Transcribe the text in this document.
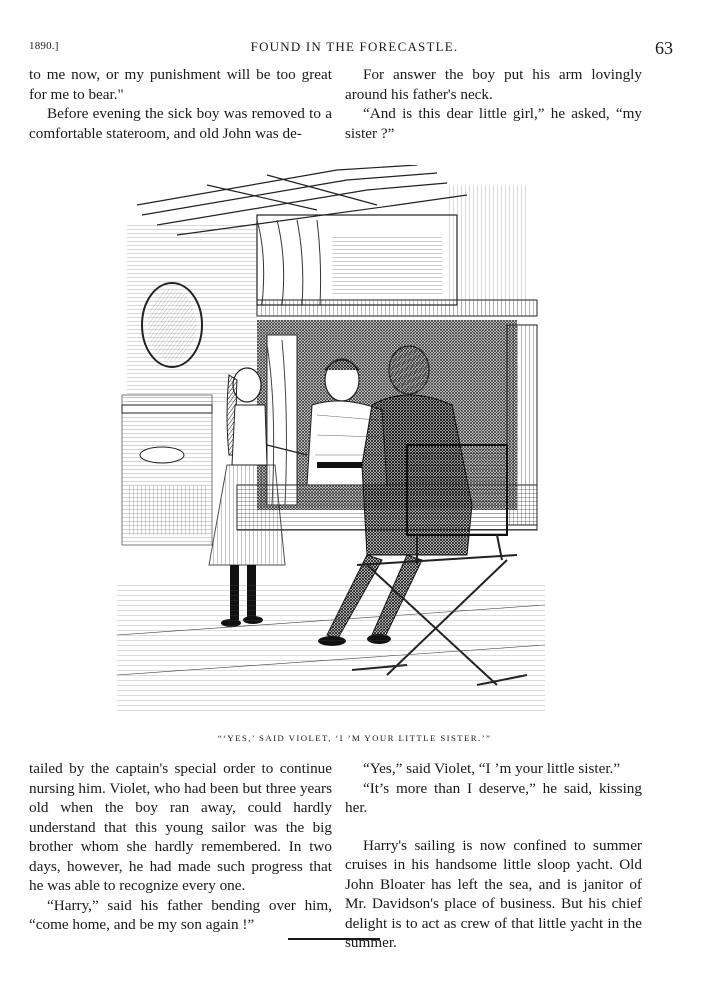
1890.]	FOUND IN THE FORECASTLE.	63

to me now, or my punishment will be too great for me to bear."

Before evening the sick boy was removed to a comfortable stateroom, and old John was de-

For answer the boy put his arm lovingly around his father's neck.

“And is this dear little girl,” he asked, “my sister ?”

“‘YES,’ SAID VIOLET, ‘I ’M YOUR LITTLE SISTER.’”

tailed by the captain's special order to continue nursing him. Violet, who had been but three years old when the boy ran away, could hardly understand that this young sailor was the big brother whom she hardly remembered. In two days, however, he had made such progress that he was able to recognize every one.

“Harry,” said his father bending over him, “come home, and be my son again !”

“Yes,” said Violet, “I ’m your little sister.”

“It’s more than I deserve,” he said, kissing her.

Harry's sailing is now confined to summer cruises in his handsome little sloop yacht. Old John Bloater has left the sea, and is janitor of Mr. Davidson's place of business. But his chief delight is to act as crew of that little yacht in the summer.
